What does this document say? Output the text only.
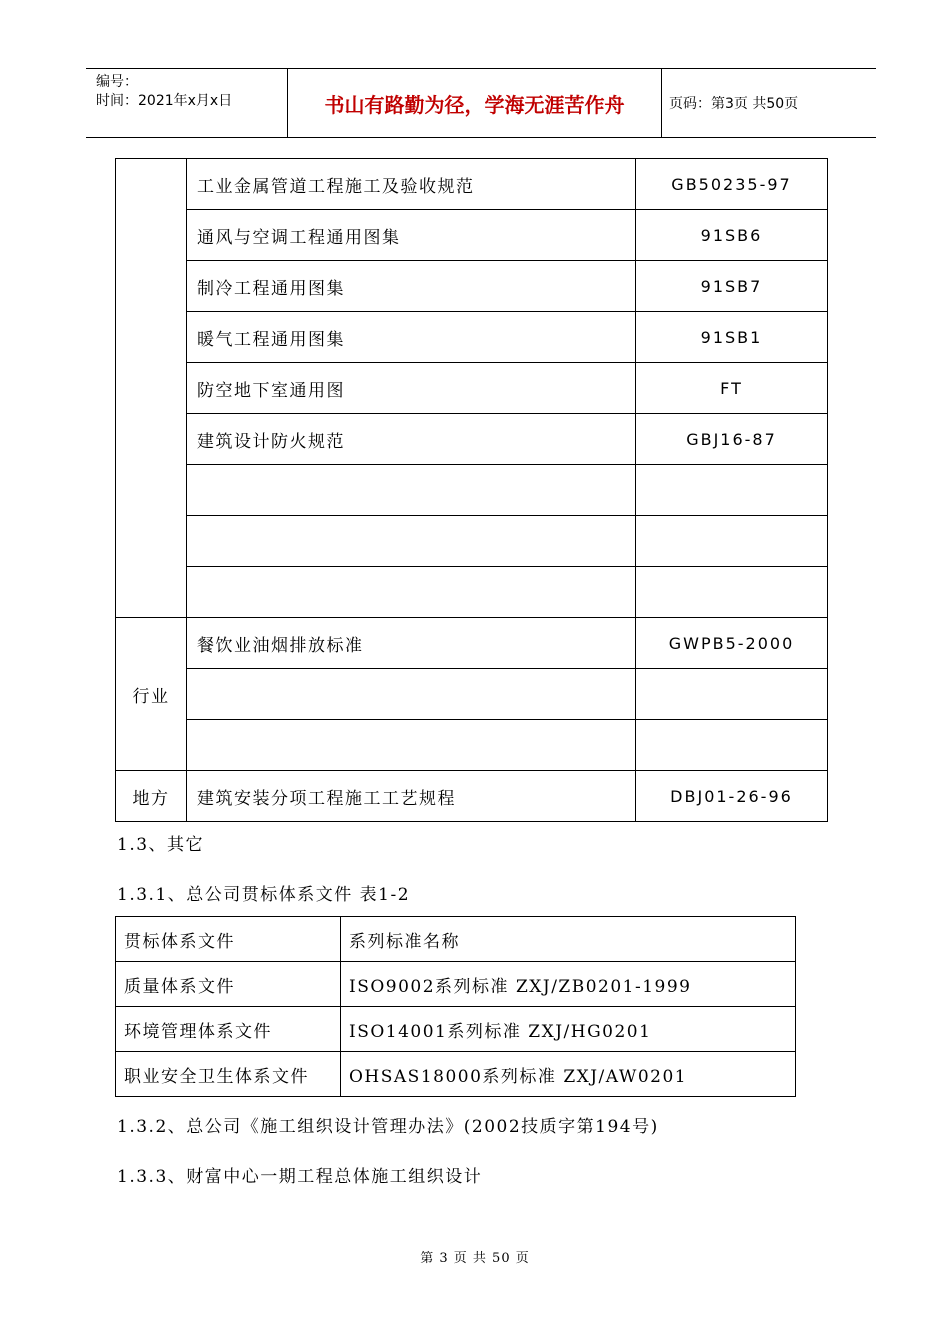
编号：
时间：2021年x月x日	书山有路勤为径，学海无涯苦作舟	页码：第3页 共50页
	工业金属管道工程施工及验收规范	GB50235-97
	通风与空调工程通用图集	91SB6
	制冷工程通用图集	91SB7
	暖气工程通用图集	91SB1
	防空地下室通用图	FT
	建筑设计防火规范	GBJ16-87

行业	餐饮业油烟排放标准	GWPB5-2000

地方	建筑安装分项工程施工工艺规程	DBJ01-26-96
1.3、其它
1.3.1、总公司贯标体系文件 表1-2
贯标体系文件	系列标准名称
质量体系文件	ISO9002系列标准 ZXJ/ZB0201-1999
环境管理体系文件	ISO14001系列标准 ZXJ/HG0201
职业安全卫生体系文件	OHSAS18000系列标准 ZXJ/AW0201
1.3.2、总公司《施工组织设计管理办法》(2002技质字第194号)
1.3.3、财富中心一期工程总体施工组织设计
第 3 页 共 50 页
